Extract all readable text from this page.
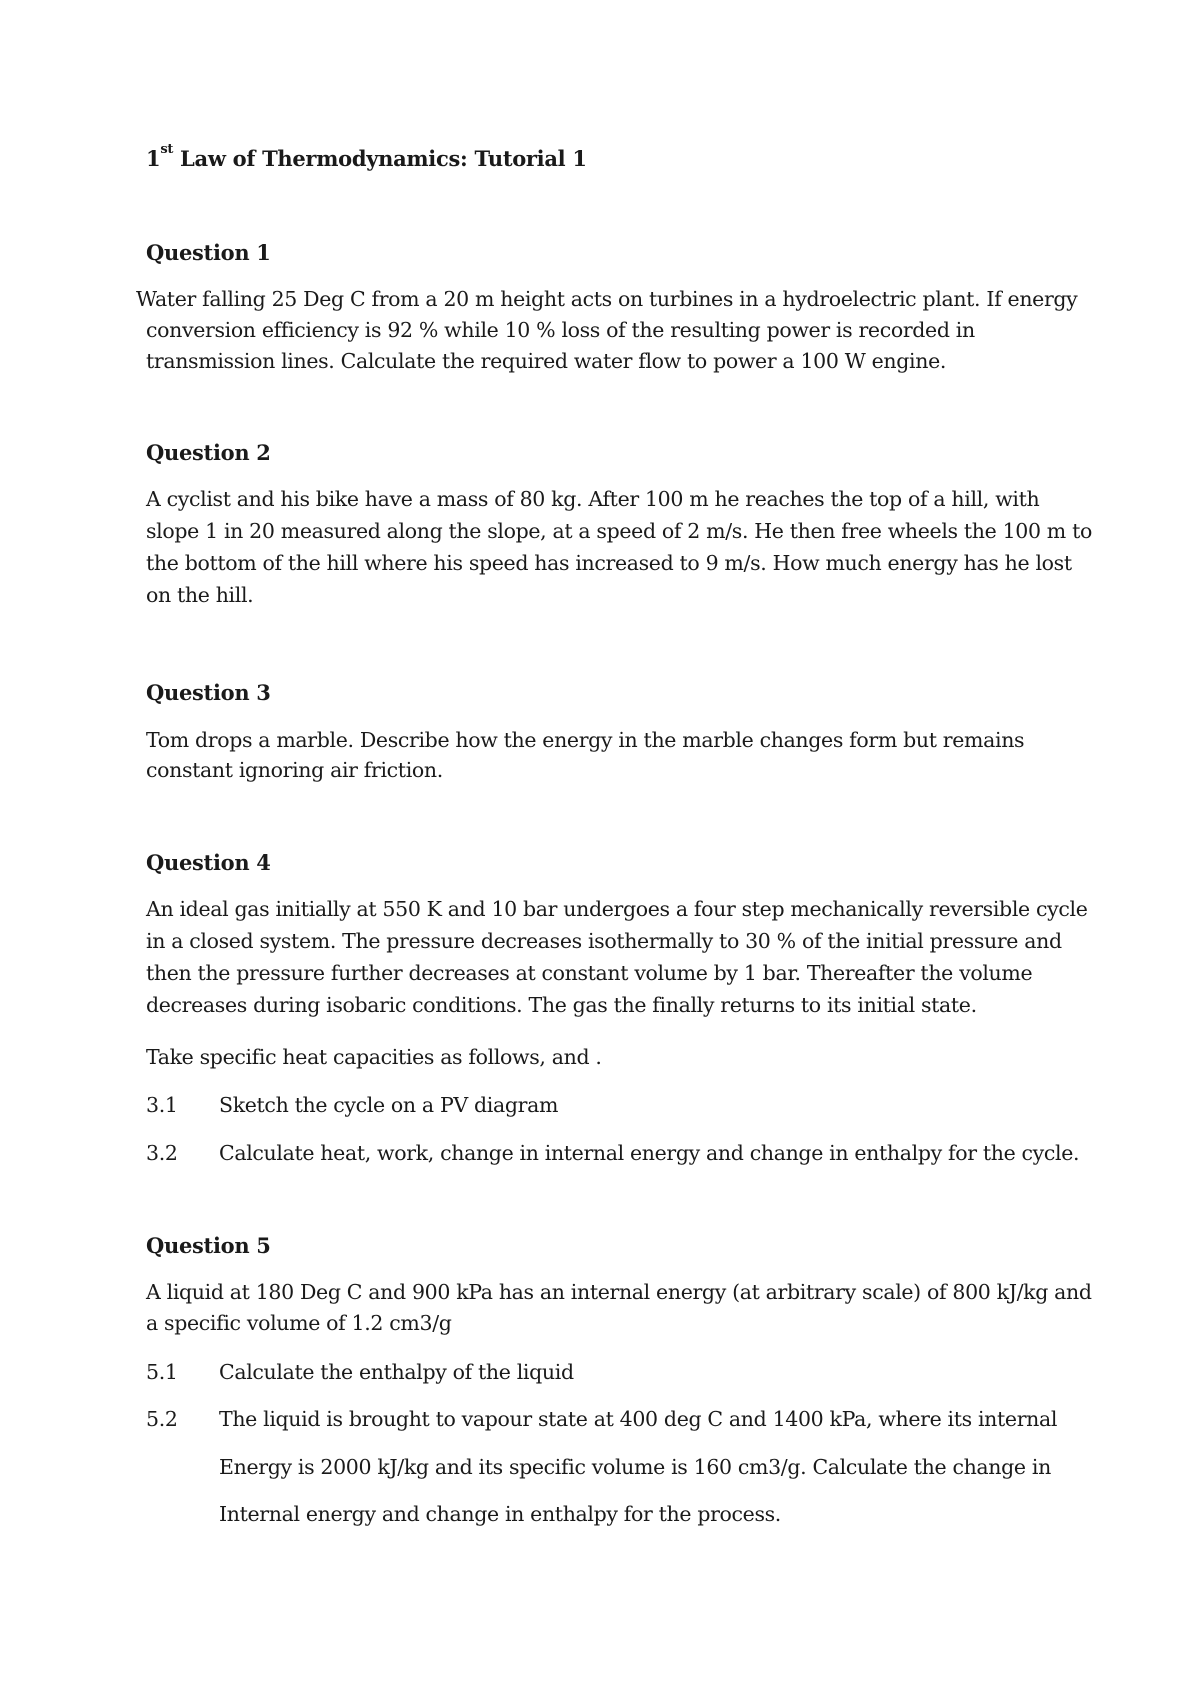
1st Law of Thermodynamics: Tutorial 1
Question 1
Water falling 25 Deg C from a 20 m height acts on turbines in a hydroelectric plant. If energy
conversion efficiency is 92 % while 10 % loss of the resulting power is recorded in
transmission lines. Calculate the required water flow to power a 100 W engine.
Question 2
A cyclist and his bike have a mass of 80 kg. After 100 m he reaches the top of a hill, with
slope 1 in 20 measured along the slope, at a speed of 2 m/s. He then free wheels the 100 m to
the bottom of the hill where his speed has increased to 9 m/s. How much energy has he lost
on the hill.
Question 3
Tom drops a marble. Describe how the energy in the marble changes form but remains
constant ignoring air friction.
Question 4
An ideal gas initially at 550 K and 10 bar undergoes a four step mechanically reversible cycle
in a closed system. The pressure decreases isothermally to 30 % of the initial pressure and
then the pressure further decreases at constant volume by 1 bar. Thereafter the volume
decreases during isobaric conditions. The gas the finally returns to its initial state.
Take specific heat capacities as follows, and .
3.1 Sketch the cycle on a PV diagram
3.2 Calculate heat, work, change in internal energy and change in enthalpy for the cycle.
Question 5
A liquid at 180 Deg C and 900 kPa has an internal energy (at arbitrary scale) of 800 kJ/kg and
a specific volume of 1.2 cm3/g
5.1 Calculate the enthalpy of the liquid
5.2 The liquid is brought to vapour state at 400 deg C and 1400 kPa, where its internal
Energy is 2000 kJ/kg and its specific volume is 160 cm3/g. Calculate the change in
Internal energy and change in enthalpy for the process.
